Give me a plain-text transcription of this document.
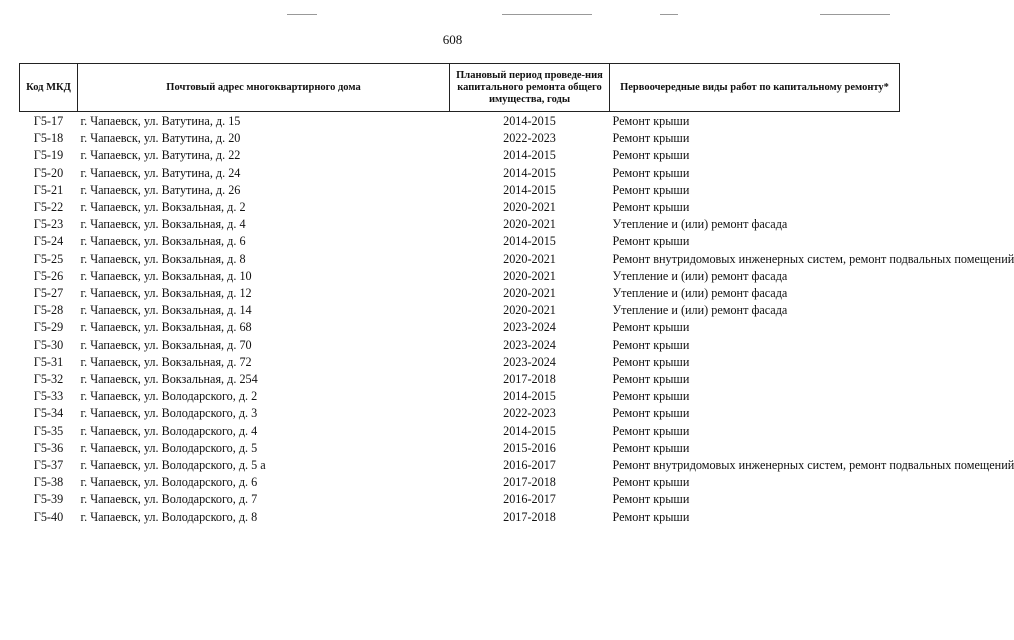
608
Код МКД	Почтовый адрес многоквартирного дома	Плановый период проведе-ния капитального ремонта общего имущества, годы	Первоочередные виды работ по капитальному ремонту*
Г5-17	г. Чапаевск, ул. Ватутина, д. 15	2014-2015	Ремонт крыши
Г5-18	г. Чапаевск, ул. Ватутина, д. 20	2022-2023	Ремонт крыши
Г5-19	г. Чапаевск, ул. Ватутина, д. 22	2014-2015	Ремонт крыши
Г5-20	г. Чапаевск, ул. Ватутина, д. 24	2014-2015	Ремонт крыши
Г5-21	г. Чапаевск, ул. Ватутина, д. 26	2014-2015	Ремонт крыши
Г5-22	г. Чапаевск, ул. Вокзальная, д. 2	2020-2021	Ремонт крыши
Г5-23	г. Чапаевск, ул. Вокзальная, д. 4	2020-2021	Утепление и (или) ремонт фасада
Г5-24	г. Чапаевск, ул. Вокзальная, д. 6	2014-2015	Ремонт крыши
Г5-25	г. Чапаевск, ул. Вокзальная, д. 8	2020-2021	Ремонт внутридомовых инженерных систем, ремонт подвальных помещений
Г5-26	г. Чапаевск, ул. Вокзальная, д. 10	2020-2021	Утепление и (или) ремонт фасада
Г5-27	г. Чапаевск, ул. Вокзальная, д. 12	2020-2021	Утепление и (или) ремонт фасада
Г5-28	г. Чапаевск, ул. Вокзальная, д. 14	2020-2021	Утепление и (или) ремонт фасада
Г5-29	г. Чапаевск, ул. Вокзальная, д. 68	2023-2024	Ремонт крыши
Г5-30	г. Чапаевск, ул. Вокзальная, д. 70	2023-2024	Ремонт крыши
Г5-31	г. Чапаевск, ул. Вокзальная, д. 72	2023-2024	Ремонт крыши
Г5-32	г. Чапаевск, ул. Вокзальная, д. 254	2017-2018	Ремонт крыши
Г5-33	г. Чапаевск, ул. Володарского, д. 2	2014-2015	Ремонт крыши
Г5-34	г. Чапаевск, ул. Володарского, д. 3	2022-2023	Ремонт крыши
Г5-35	г. Чапаевск, ул. Володарского, д. 4	2014-2015	Ремонт крыши
Г5-36	г. Чапаевск, ул. Володарского, д. 5	2015-2016	Ремонт крыши
Г5-37	г. Чапаевск, ул. Володарского, д. 5 а	2016-2017	Ремонт внутридомовых инженерных систем, ремонт подвальных помещений
Г5-38	г. Чапаевск, ул. Володарского, д. 6	2017-2018	Ремонт крыши
Г5-39	г. Чапаевск, ул. Володарского, д. 7	2016-2017	Ремонт крыши
Г5-40	г. Чапаевск, ул. Володарского, д. 8	2017-2018	Ремонт крыши
